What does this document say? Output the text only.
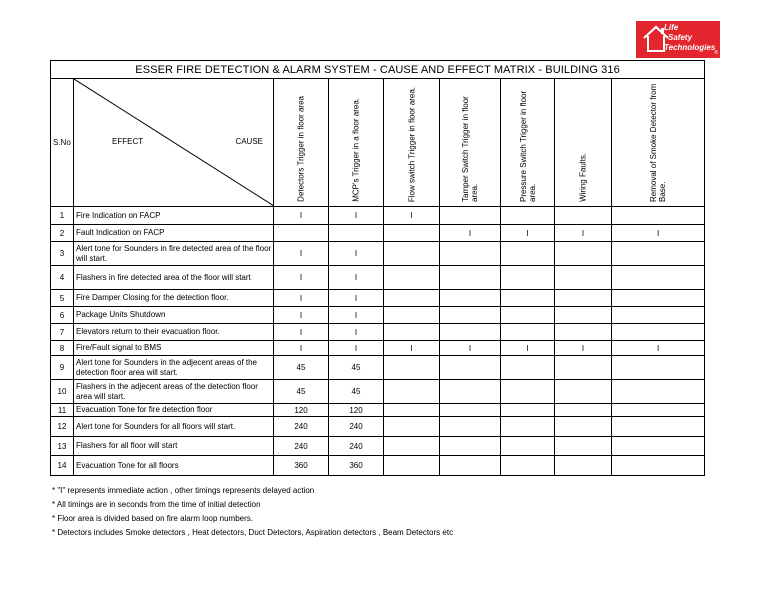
Life
Safety
Technologies
®
ESSER FIRE DETECTION & ALARM SYSTEM - CAUSE AND EFFECT MATRIX - BUILDING 316								
S.No	EFFECT CAUSE	Detectors Trigger in floor area	MCP's Trigger in a floor area.	Flow switch Trigger in floor area.	Tamper Switch Trigger in floor area.	Pressure Switch Trigger in floor area.	Wiring Faults.	Removal of Smoke Detector from Base.

1	Fire Indication on FACP	I	I	I				
2	Fault Indication on FACP				I	I	I	I
3	Alert tone for Sounders in fire detected area of the floor will start.	I	I					
4	Flashers in fire detected area of the floor will start	I	I					
5	Fire Damper Closing for the detection floor.	I	I					
6	Package Units Shutdown	I	I					
7	Elevators return to their evacuation floor.	I	I					
8	Fire/Fault signal to BMS	I	I	I	I	I	I	I
9	Alert tone for Sounders in the adjecent areas of the detection floor area will start.	45	45					
10	Flashers in the adjecent areas of the detection floor area will start.	45	45					
11	Evacuation Tone for fire detection floor	120	120					
12	Alert tone for Sounders for all floors will start.	240	240					
13	Flashers for all floor will start	240	240					
14	Evacuation Tone for all floors	360	360					
* "I" represents immediate action , other timings represents delayed action
* All timings are in seconds from the time of initial detection
* Floor area is divided based on fire alarm loop numbers.
* Detectors includes Smoke detectors , Heat detectors, Duct Detectors, Aspiration detectors , Beam Detectors etc
